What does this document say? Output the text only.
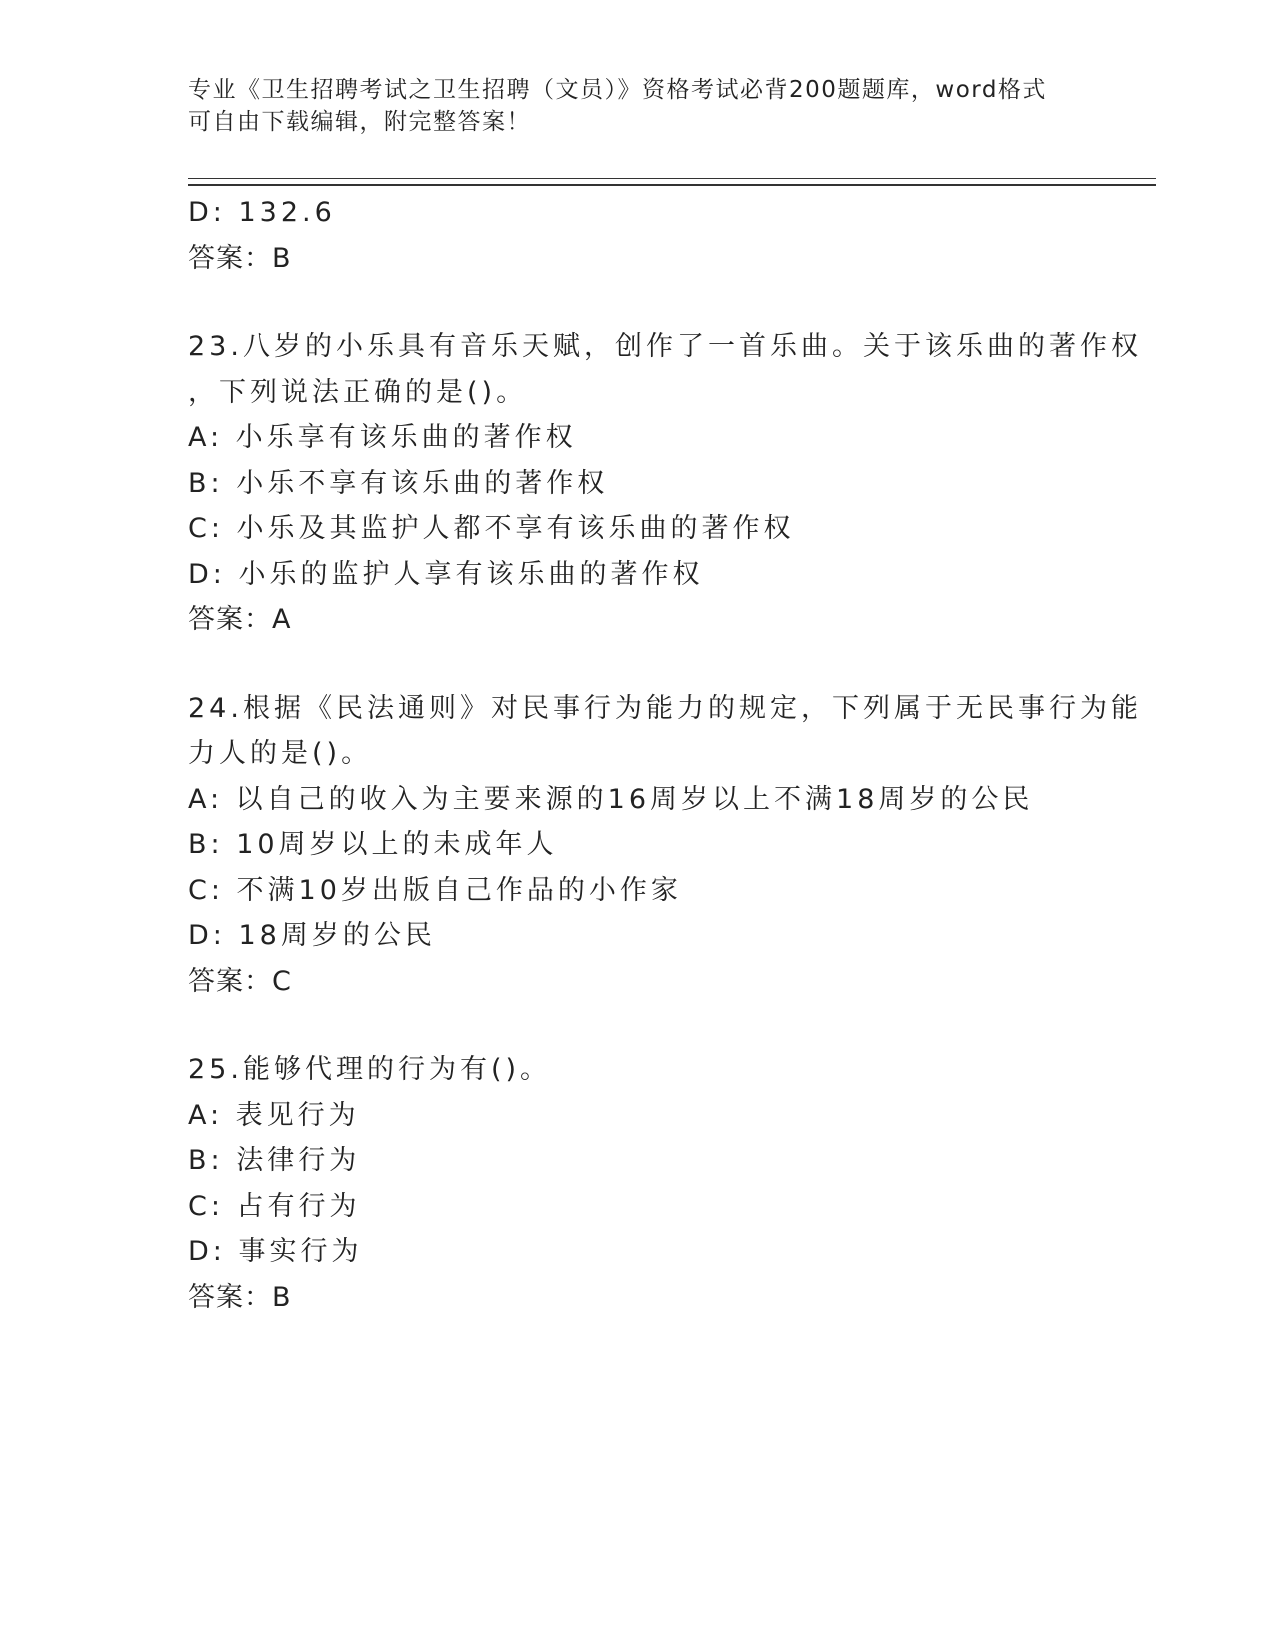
专业《卫生招聘考试之卫生招聘（文员）》资格考试必背200题题库，word格式
可自由下载编辑，附完整答案！
D: 132.6
答案：B
23.八岁的小乐具有音乐天赋，创作了一首乐曲。关于该乐曲的著作权
，下列说法正确的是()。
A: 小乐享有该乐曲的著作权
B: 小乐不享有该乐曲的著作权
C: 小乐及其监护人都不享有该乐曲的著作权
D: 小乐的监护人享有该乐曲的著作权
答案：A
24.根据《民法通则》对民事行为能力的规定，下列属于无民事行为能
力人的是()。
A: 以自己的收入为主要来源的16周岁以上不满18周岁的公民
B: 10周岁以上的未成年人
C: 不满10岁出版自己作品的小作家
D: 18周岁的公民
答案：C
25.能够代理的行为有()。
A: 表见行为
B: 法律行为
C: 占有行为
D: 事实行为
答案：B
